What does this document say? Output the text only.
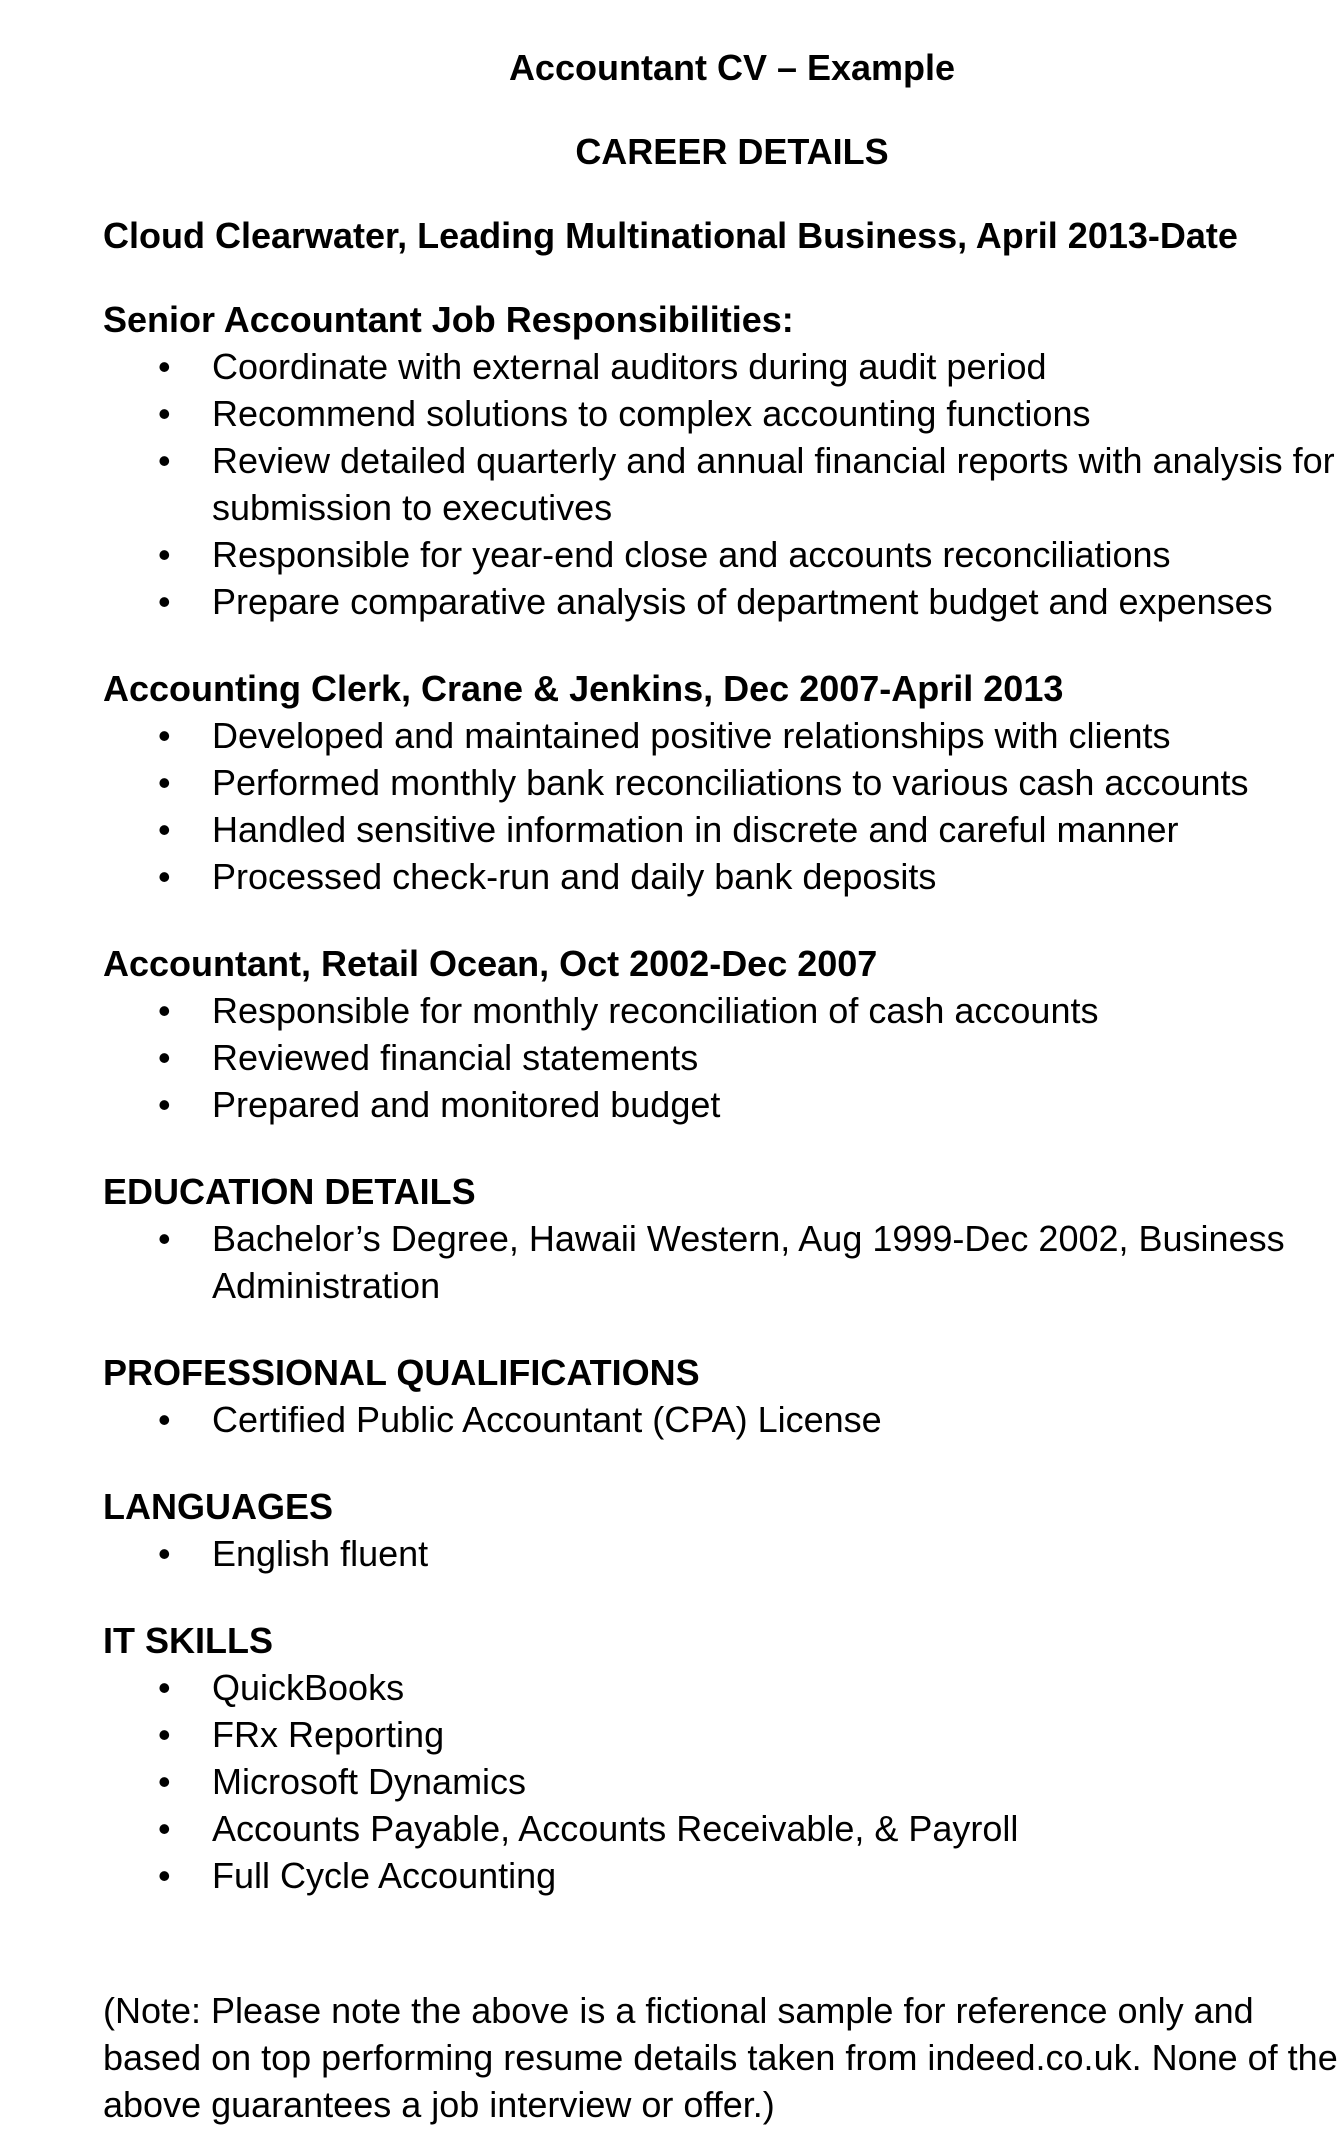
Accountant CV – Example
CAREER DETAILS
Cloud Clearwater, Leading Multinational Business, April 2013-Date
Senior Accountant Job Responsibilities:
• Coordinate with external auditors during audit period
• Recommend solutions to complex accounting functions
• Review detailed quarterly and annual financial reports with analysis for
submission to executives
• Responsible for year-end close and accounts reconciliations
• Prepare comparative analysis of department budget and expenses
Accounting Clerk, Crane & Jenkins, Dec 2007-April 2013
• Developed and maintained positive relationships with clients
• Performed monthly bank reconciliations to various cash accounts
• Handled sensitive information in discrete and careful manner
• Processed check-run and daily bank deposits
Accountant, Retail Ocean, Oct 2002-Dec 2007
• Responsible for monthly reconciliation of cash accounts
• Reviewed financial statements
• Prepared and monitored budget
EDUCATION DETAILS
• Bachelor’s Degree, Hawaii Western, Aug 1999-Dec 2002, Business
Administration
PROFESSIONAL QUALIFICATIONS
• Certified Public Accountant (CPA) License
LANGUAGES
• English fluent
IT SKILLS
• QuickBooks
• FRx Reporting
• Microsoft Dynamics
• Accounts Payable, Accounts Receivable, & Payroll
• Full Cycle Accounting
(Note: Please note the above is a fictional sample for reference only and
based on top performing resume details taken from indeed.co.uk. None of the
above guarantees a job interview or offer.)
